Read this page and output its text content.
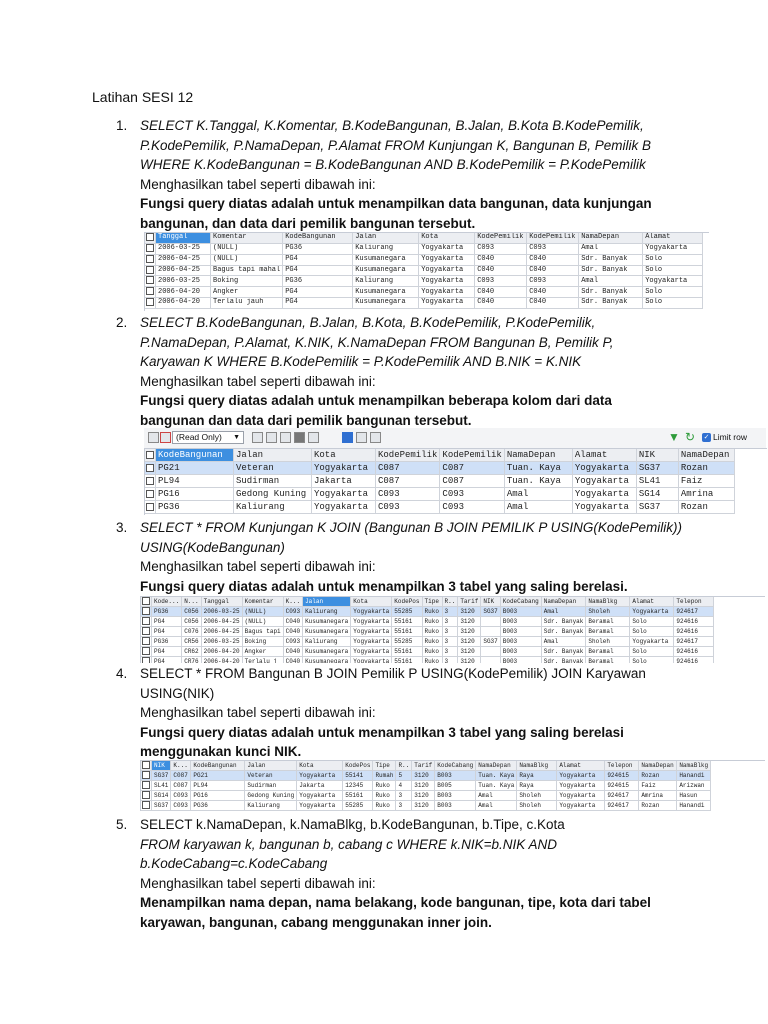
Latihan SESI 12
1. SELECT K.Tanggal, K.Komentar, B.KodeBangunan, B.Jalan, B.Kota B.KodePemilik,
P.KodePemilik, P.NamaDepan, P.Alamat FROM Kunjungan K, Bangunan B, Pemilik B
WHERE K.KodeBangunan = B.KodeBangunan AND B.KodePemilik = P.KodePemilik
Menghasilkan tabel seperti dibawah ini:
Fungsi query diatas adalah untuk menampilkan data bangunan, data kunjungan
bangunan, dan data dari pemilik bangunan tersebut.
	Tanggal	Komentar	KodeBangunan	Jalan	Kota	KodePemilik	KodePemilik	NamaDepan	Alamat
	2006-03-25	(NULL)	PG36	Kaliurang	Yogyakarta	C093	C093	Amal	Yogyakarta
	2006-04-25	(NULL)	PG4	Kusumanegara	Yogyakarta	C040	C040	Sdr. Banyak	Solo
	2006-04-25	Bagus tapi mahal	PG4	Kusumanegara	Yogyakarta	C040	C040	Sdr. Banyak	Solo
	2006-03-25	Boking	PG36	Kaliurang	Yogyakarta	C093	C093	Amal	Yogyakarta
	2006-04-20	Angker	PG4	Kusumanegara	Yogyakarta	C040	C040	Sdr. Banyak	Solo
	2006-04-20	Terlalu jauh	PG4	Kusumanegara	Yogyakarta	C040	C040	Sdr. Banyak	Solo
2. SELECT B.KodeBangunan, B.Jalan, B.Kota, B.KodePemilik, P.KodePemilik,
P.NamaDepan, P.Alamat, K.NIK, K.NamaDepan FROM Bangunan B, Pemilik P,
Karyawan K WHERE B.KodePemilik = P.KodePemilik AND B.NIK = K.NIK
Menghasilkan tabel seperti dibawah ini:
Fungsi query diatas adalah untuk menampilkan beberapa kolom dari data
bangunan dan data dari pemilik bangunan tersebut.
(Read Only) ▼	▼ ↻ ✓ Limit row
	KodeBangunan	Jalan	Kota	KodePemilik	KodePemilik	NamaDepan	Alamat	NIK	NamaDepan
	PG21	Veteran	Yogyakarta	C087	C087	Tuan. Kaya	Yogyakarta	SG37	Rozan
	PL94	Sudirman	Jakarta	C087	C087	Tuan. Kaya	Yogyakarta	SL41	Faiz
	PG16	Gedong Kuning	Yogyakarta	C093	C093	Amal	Yogyakarta	SG14	Amrina
	PG36	Kaliurang	Yogyakarta	C093	C093	Amal	Yogyakarta	SG37	Rozan
3. SELECT * FROM Kunjungan K JOIN (Bangunan B JOIN PEMILIK P USING(KodePemilik))
USING(KodeBangunan)
Menghasilkan tabel seperti dibawah ini:
Fungsi query diatas adalah untuk menampilkan 3 tabel yang saling berelasi.
	Kode...	N...	Tanggal	Komentar	K...	Jalan	Kota	KodePos	Tipe	R..	Tarif	NIK	KodeCabang	NamaDepan	NamaBlkg	Alamat	Telepon
	PG36	C056	2006-03-25	(NULL)	C093	Kaliurang	Yogyakarta	55285	Ruko	3	3120	SG37	B003	Amal	Sholeh	Yogyakarta	924617
	PG4	C056	2006-04-25	(NULL)	C040	Kusumanegara	Yogyakarta	55161	Ruko	3	3120		B003	Sdr. Banyak	Beramal	Solo	924616
	PG4	C076	2006-04-25	Bagus tapi	C040	Kusumanegara	Yogyakarta	55161	Ruko	3	3120		B003	Sdr. Banyak	Beramal	Solo	924616
	PG36	CR56	2006-03-25	Boking	C093	Kaliurang	Yogyakarta	55285	Ruko	3	3120	SG37	B003	Amal	Sholeh	Yogyakarta	924617
	PG4	CR62	2006-04-20	Angker	C040	Kusumanegara	Yogyakarta	55161	Ruko	3	3120		B003	Sdr. Banyak	Beramal	Solo	924616
	PG4	CR76	2006-04-20	Terlalu j	C040	Kusumanegara	Yogyakarta	55161	Ruko	3	3120		B003	Sdr. Banyak	Beramal	Solo	924616
4. SELECT * FROM Bangunan B JOIN Pemilik P USING(KodePemilik) JOIN Karyawan
USING(NIK)
Menghasilkan tabel seperti dibawah ini:
Fungsi query diatas adalah untuk menampilkan 3 tabel yang saling berelasi
menggunakan kunci NIK.
	NIK	K...	KodeBangunan	Jalan	Kota	KodePos	Tipe	R..	Tarif	KodeCabang	NamaDepan	NamaBlkg	Alamat	Telepon	NamaDepan	NamaBlkg
	SG37	C087	PG21	Veteran	Yogyakarta	55141	Rumah	5	3120	B003	Tuan. Kaya	Raya	Yogyakarta	924615	Rozan	Hanandi
	SL41	C087	PL94	Sudirman	Jakarta	12345	Ruko	4	3120	B005	Tuan. Kaya	Raya	Yogyakarta	924615	Faiz	Arizwan
	SG14	C093	PG16	Gedong Kuning	Yogyakarta	55161	Ruko	3	3120	B003	Amal	Sholeh	Yogyakarta	924617	Amrina	Hasun
	SG37	C093	PG36	Kaliurang	Yogyakarta	55285	Ruko	3	3120	B003	Amal	Sholeh	Yogyakarta	924617	Rozan	Hanandi
5. SELECT k.NamaDepan, k.NamaBlkg, b.KodeBangunan, b.Tipe, c.Kota
FROM karyawan k, bangunan b, cabang c WHERE k.NIK=b.NIK AND
b.KodeCabang=c.KodeCabang
Menghasilkan tabel seperti dibawah ini:
Menampilkan nama depan, nama belakang, kode bangunan, tipe, kota dari tabel
karyawan, bangunan, cabang menggunakan inner join.
